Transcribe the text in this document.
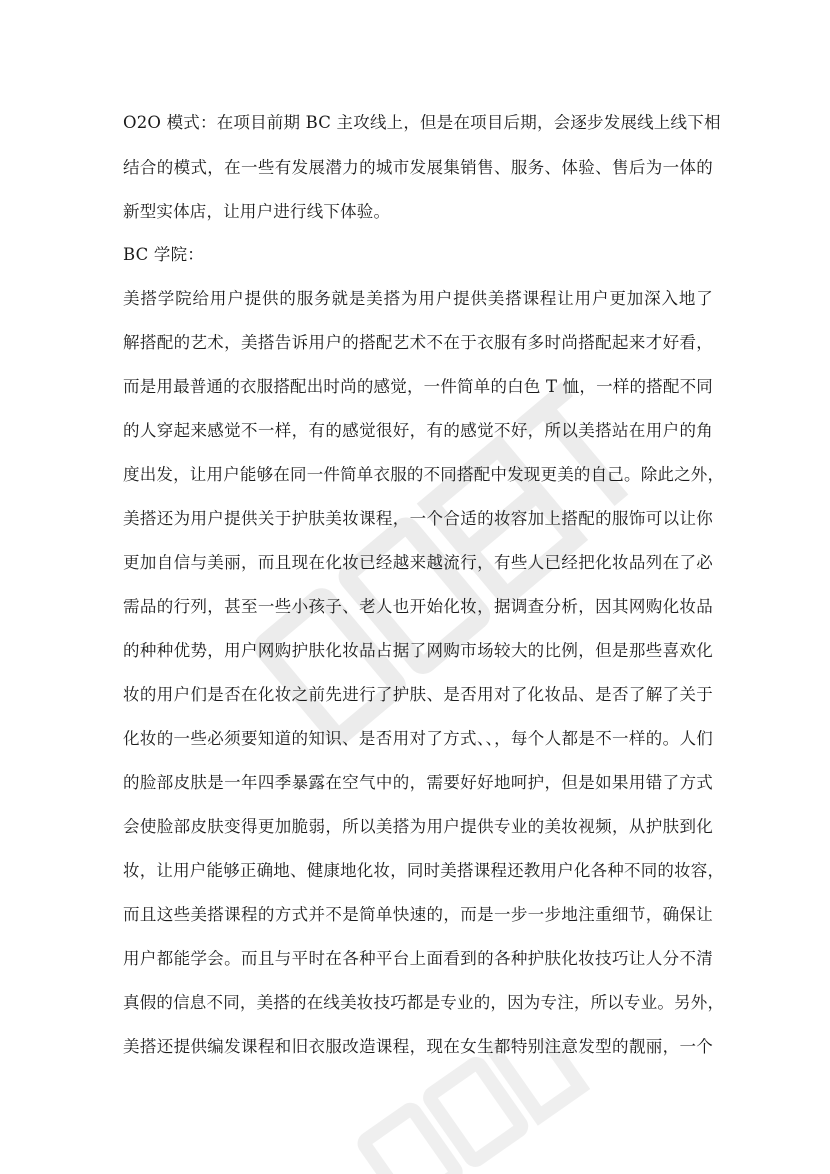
O2O 模式：在项目前期 BC 主攻线上，但是在项目后期，会逐步发展线上线下相
结合的模式，在一些有发展潜力的城市发展集销售、服务、体验、售后为一体的
新型实体店，让用户进行线下体验。
BC 学院：
美搭学院给用户提供的服务就是美搭为用户提供美搭课程让用户更加深入地了
解搭配的艺术，美搭告诉用户的搭配艺术不在于衣服有多时尚搭配起来才好看，
而是用最普通的衣服搭配出时尚的感觉，一件简单的白色 T 恤，一样的搭配不同
的人穿起来感觉不一样，有的感觉很好，有的感觉不好，所以美搭站在用户的角
度出发，让用户能够在同一件简单衣服的不同搭配中发现更美的自己。除此之外，
美搭还为用户提供关于护肤美妆课程，一个合适的妆容加上搭配的服饰可以让你
更加自信与美丽，而且现在化妆已经越来越流行，有些人已经把化妆品列在了必
需品的行列，甚至一些小孩子、老人也开始化妆，据调查分析，因其网购化妆品
的种种优势，用户网购护肤化妆品占据了网购市场较大的比例，但是那些喜欢化
妆的用户们是否在化妆之前先进行了护肤、是否用对了化妆品、是否了解了关于
化妆的一些必须要知道的知识、是否用对了方式、、，每个人都是不一样的。人们
的脸部皮肤是一年四季暴露在空气中的，需要好好地呵护，但是如果用错了方式
会使脸部皮肤变得更加脆弱，所以美搭为用户提供专业的美妆视频，从护肤到化
妆，让用户能够正确地、健康地化妆，同时美搭课程还教用户化各种不同的妆容，
而且这些美搭课程的方式并不是简单快速的，而是一步一步地注重细节，确保让
用户都能学会。而且与平时在各种平台上面看到的各种护肤化妆技巧让人分不清
真假的信息不同，美搭的在线美妆技巧都是专业的，因为专注，所以专业。另外，
美搭还提供编发课程和旧衣服改造课程，现在女生都特别注意发型的靓丽，一个
